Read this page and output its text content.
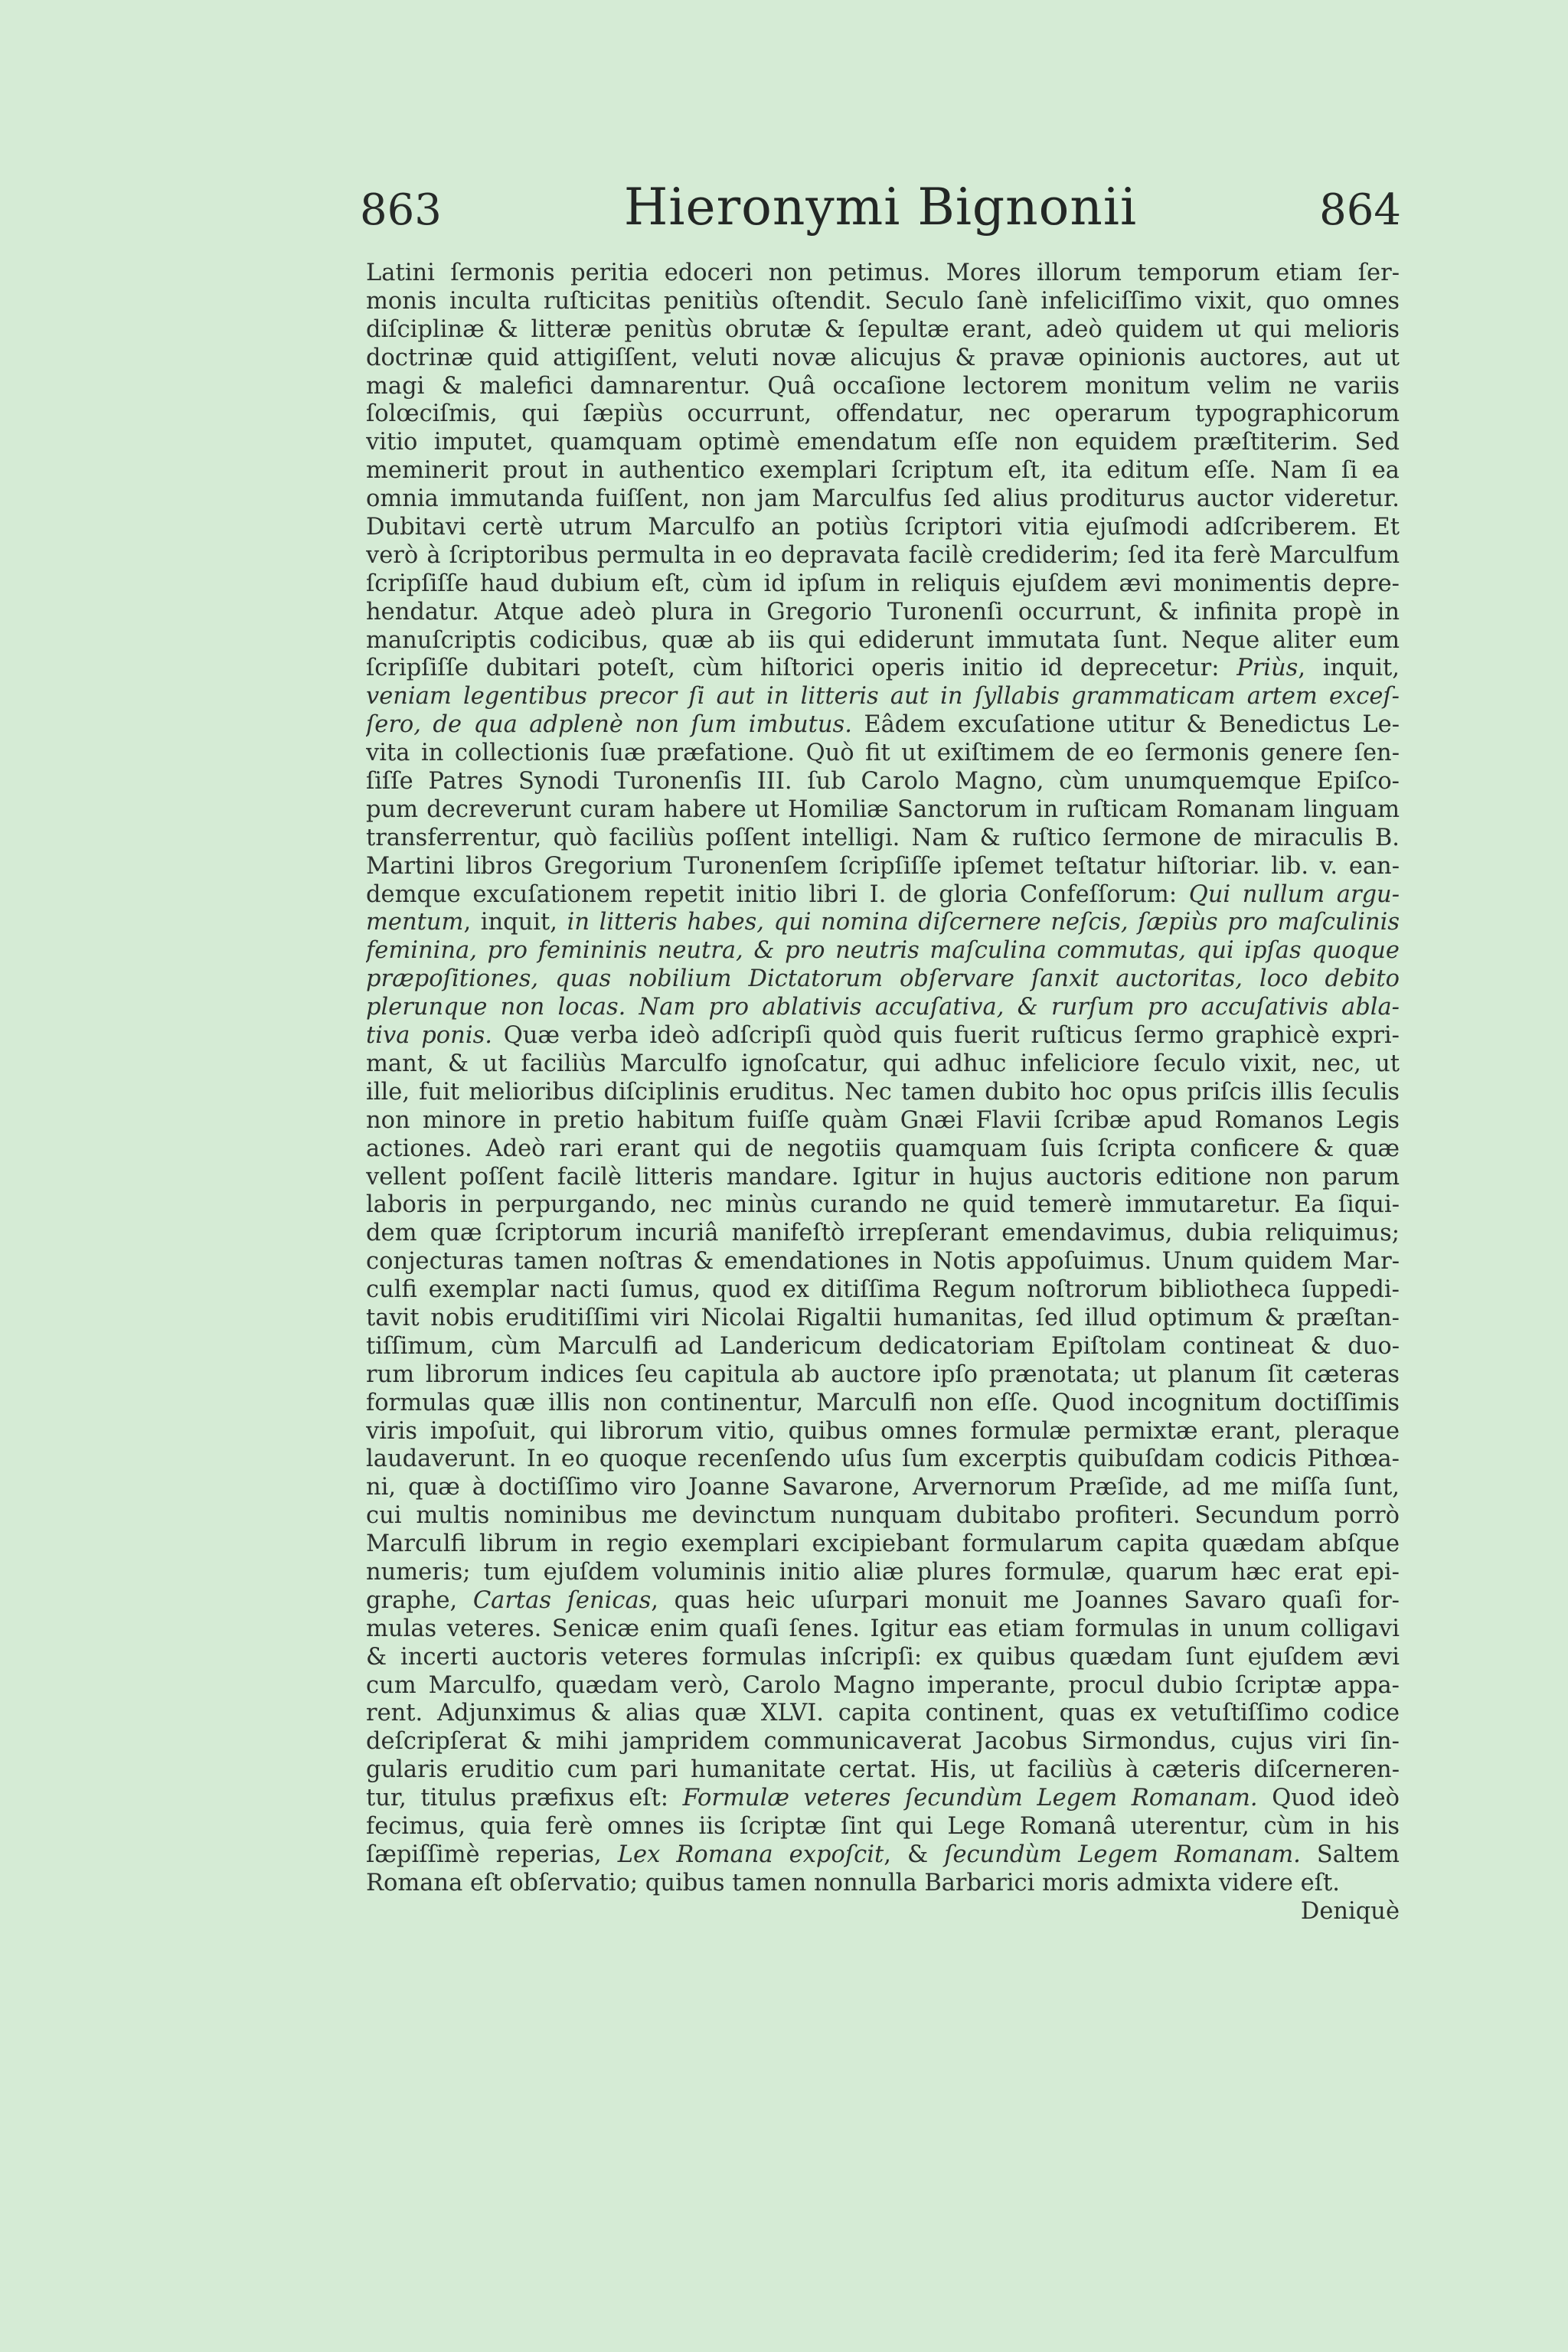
863	Hieronymi Bignonii	864
Latini ſermonis peritia edoceri non petimus. Mores illorum temporum etiam ſer-
monis inculta ruſticitas penitiùs oſtendit. Seculo ſanè infeliciſſimo vixit, quo omnes
diſciplinæ & litteræ penitùs obrutæ & ſepultæ erant, adeò quidem ut qui melioris
doctrinæ quid attigiſſent, veluti novæ alicujus & pravæ opinionis auctores, aut ut
magi & malefici damnarentur. Quâ occaſione lectorem monitum velim ne variis
ſolœciſmis, qui ſæpiùs occurrunt, offendatur, nec operarum typographicorum
vitio imputet, quamquam optimè emendatum eſſe non equidem præſtiterim. Sed
meminerit prout in authentico exemplari ſcriptum eſt, ita editum eſſe. Nam ſi ea
omnia immutanda fuiſſent, non jam Marculfus ſed alius proditurus auctor videretur.
Dubitavi certè utrum Marculfo an potiùs ſcriptori vitia ejuſmodi adſcriberem. Et
verò à ſcriptoribus permulta in eo depravata facilè crediderim; ſed ita ferè Marculfum
ſcripſiſſe haud dubium eſt, cùm id ipſum in reliquis ejuſdem ævi monimentis depre-
hendatur. Atque adeò plura in Gregorio Turonenſi occurrunt, & infinita propè in
manuſcriptis codicibus, quæ ab iis qui ediderunt immutata ſunt. Neque aliter eum
ſcripſiſſe dubitari poteſt, cùm hiſtorici operis initio id deprecetur: Priùs, inquit,
veniam legentibus precor ſi aut in litteris aut in ſyllabis grammaticam artem exceſ-
ſero, de qua adplenè non ſum imbutus. Eâdem excuſatione utitur & Benedictus Le-
vita in collectionis ſuæ præfatione. Quò fit ut exiſtimem de eo ſermonis genere ſen-
ſiſſe Patres Synodi Turonenſis III. ſub Carolo Magno, cùm unumquemque Epiſco-
pum decreverunt curam habere ut Homiliæ Sanctorum in ruſticam Romanam linguam
transferrentur, quò faciliùs poſſent intelligi. Nam & ruſtico ſermone de miraculis B.
Martini libros Gregorium Turonenſem ſcripſiſſe ipſemet teſtatur hiſtoriar. lib. v. ean-
demque excuſationem repetit initio libri I. de gloria Confeſſorum: Qui nullum argu-
mentum, inquit, in litteris habes, qui nomina diſcernere neſcis, ſæpiùs pro maſculinis
feminina, pro femininis neutra, & pro neutris maſculina commutas, qui ipſas quoque
præpoſitiones, quas nobilium Dictatorum obſervare ſanxit auctoritas, loco debito
plerunque non locas. Nam pro ablativis accuſativa, & rurſum pro accuſativis abla-
tiva ponis. Quæ verba ideò adſcripſi quòd quis fuerit ruſticus ſermo graphicè expri-
mant, & ut faciliùs Marculfo ignoſcatur, qui adhuc infeliciore ſeculo vixit, nec, ut
ille, fuit melioribus diſciplinis eruditus. Nec tamen dubito hoc opus priſcis illis ſeculis
non minore in pretio habitum fuiſſe quàm Gnæi Flavii ſcribæ apud Romanos Legis
actiones. Adeò rari erant qui de negotiis quamquam ſuis ſcripta conficere & quæ
vellent poſſent facilè litteris mandare. Igitur in hujus auctoris editione non parum
laboris in perpurgando, nec minùs curando ne quid temerè immutaretur. Ea ſiqui-
dem quæ ſcriptorum incuriâ manifeſtò irrepſerant emendavimus, dubia reliquimus;
conjecturas tamen noſtras & emendationes in Notis appoſuimus. Unum quidem Mar-
culfi exemplar nacti ſumus, quod ex ditiſſima Regum noſtrorum bibliotheca ſuppedi-
tavit nobis eruditiſſimi viri Nicolai Rigaltii humanitas, ſed illud optimum & præſtan-
tiſſimum, cùm Marculfi ad Landericum dedicatoriam Epiſtolam contineat & duo-
rum librorum indices ſeu capitula ab auctore ipſo prænotata; ut planum ſit cæteras
formulas quæ illis non continentur, Marculfi non eſſe. Quod incognitum doctiſſimis
viris impoſuit, qui librorum vitio, quibus omnes formulæ permixtæ erant, pleraque
laudaverunt. In eo quoque recenſendo uſus ſum excerptis quibuſdam codicis Pithœa-
ni, quæ à doctiſſimo viro Joanne Savarone, Arvernorum Præſide, ad me miſſa ſunt,
cui multis nominibus me devinctum nunquam dubitabo profiteri. Secundum porrò
Marculfi librum in regio exemplari excipiebant formularum capita quædam abſque
numeris; tum ejuſdem voluminis initio aliæ plures formulæ, quarum hæc erat epi-
graphe, Cartas ſenicas, quas heic uſurpari monuit me Joannes Savaro quaſi for-
mulas veteres. Senicæ enim quaſi ſenes. Igitur eas etiam formulas in unum colligavi
& incerti auctoris veteres formulas inſcripſi: ex quibus quædam ſunt ejuſdem ævi
cum Marculfo, quædam verò, Carolo Magno imperante, procul dubio ſcriptæ appa-
rent. Adjunximus & alias quæ XLVI. capita continent, quas ex vetuſtiſſimo codice
deſcripſerat & mihi jampridem communicaverat Jacobus Sirmondus, cujus viri ſin-
gularis eruditio cum pari humanitate certat. His, ut faciliùs à cæteris diſcerneren-
tur, titulus præfixus eſt: Formulæ veteres ſecundùm Legem Romanam. Quod ideò
fecimus, quia ferè omnes iis ſcriptæ ſint qui Lege Romanâ uterentur, cùm in his
ſæpiſſimè reperias, Lex Romana expoſcit, & ſecundùm Legem Romanam. Saltem
Romana eſt obſervatio; quibus tamen nonnulla Barbarici moris admixta videre eſt.
Deniquè
